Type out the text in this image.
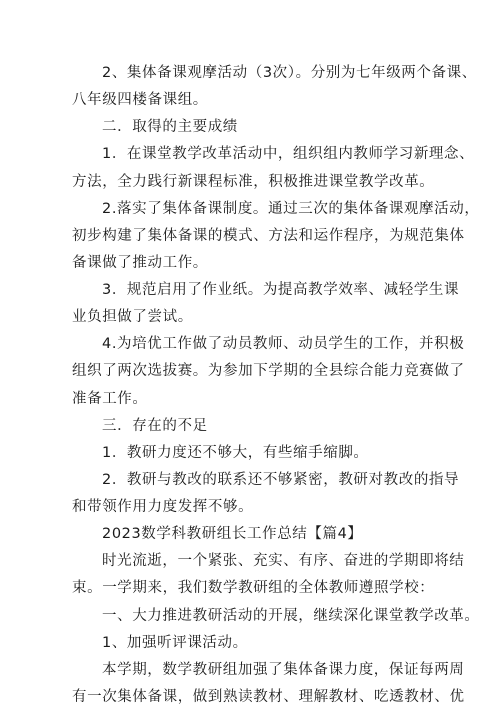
2、集体备课观摩活动（3次）。分别为七年级两个备课、
八年级四楼备课组。
二．取得的主要成绩
1．在课堂教学改革活动中，组织组内教师学习新理念、
方法，全力践行新课程标准，积极推进课堂教学改革。
2.落实了集体备课制度。通过三次的集体备课观摩活动，
初步构建了集体备课的模式、方法和运作程序，为规范集体
备课做了推动工作。
3．规范启用了作业纸。为提高教学效率、减轻学生课
业负担做了尝试。
4.为培优工作做了动员教师、动员学生的工作，并积极
组织了两次选拔赛。为参加下学期的全县综合能力竞赛做了
准备工作。
三．存在的不足
1．教研力度还不够大，有些缩手缩脚。
2．教研与教改的联系还不够紧密，教研对教改的指导
和带领作用力度发挥不够。
2023数学科教研组长工作总结【篇4】
时光流逝，一个紧张、充实、有序、奋进的学期即将结
束。一学期来，我们数学教研组的全体教师遵照学校：
一、大力推进教研活动的开展，继续深化课堂教学改革。
1、加强听评课活动。
本学期，数学教研组加强了集体备课力度，保证每两周
有一次集体备课，做到熟读教材、理解教材、吃透教材、优
